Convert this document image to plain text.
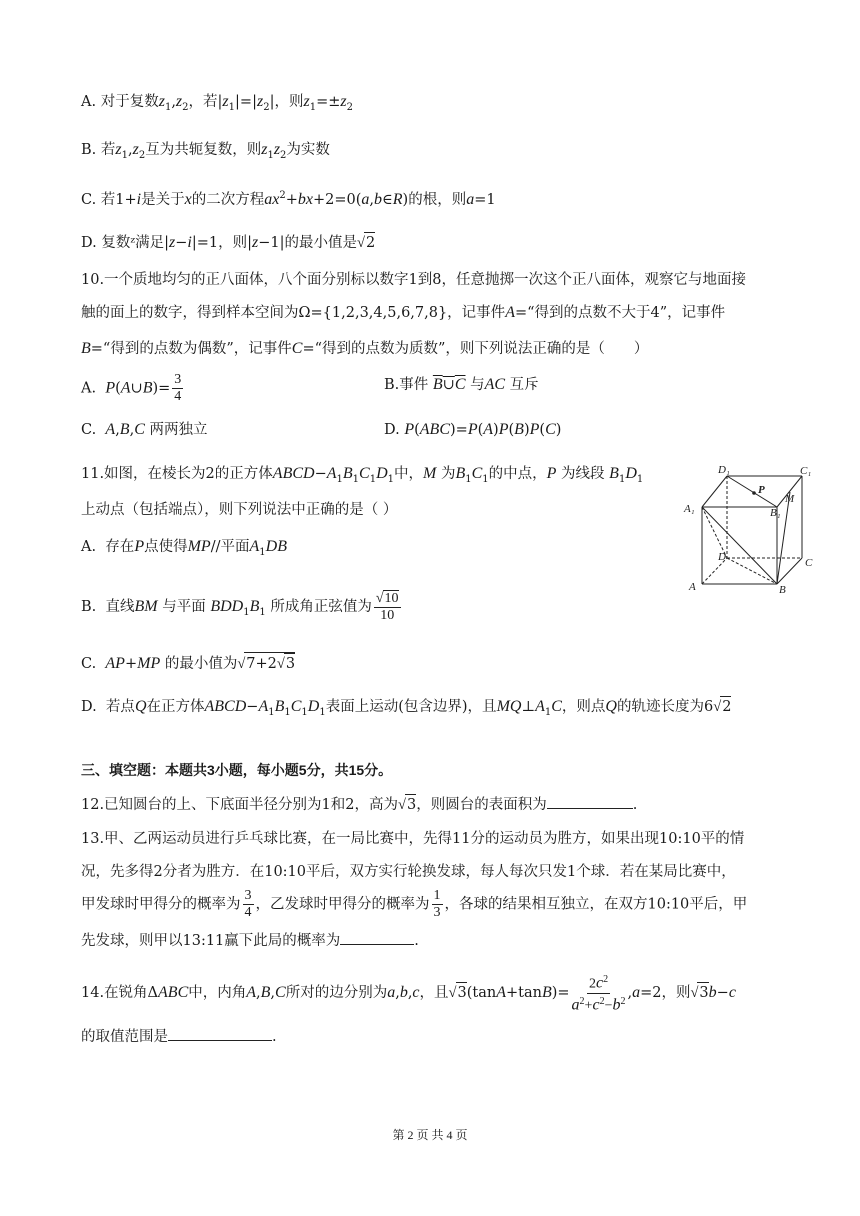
A. 对于复数$z_1,z_2$，若$|z_1|=|z_2|$，则$z_1=\pm z_2$
B. 若$z_1,z_2$互为共轭复数，则$z_1z_2$为实数
C. 若1+i是关于x的二次方程$ax^2+bx+2=0(a,b\in R)$的根，则a=1
D. 复数ᶻ满足|z−i|=1，则|z−1|的最小值是√2
10.一个质地均匀的正八面体，八个面分别标以数字1到8，任意抛掷一次这个正八面体，观察它与地面接
触的面上的数字，得到样本空间为Ω={1,2,3,4,5,6,7,8}，记事件A=“得到的点数不大于4”，记事件
B=“得到的点数为偶数”，记事件C=“得到的点数为质数”，则下列说法正确的是（　　）
A.  P(A∪B)= $\frac{3}{4}$	B.事件 B∪C 与AC 互斥
C.  A,B,C 两两独立	D. P(ABC)=P(A)P(B)P(C)
11.如图，在棱长为2的正方体$ABCD-A_1B_1C_1D_1$中，M 为$B_1C_1$的中点，P 为线段 $B_1D_1$
上动点（包括端点），则下列说法中正确的是（ ）
A.  存在P点使得MP//平面$A_1DB$
B.  直线BM 与平面 $BDD_1B_1$ 所成角正弦值为 $\frac{√10}{10}$
C.  AP+MP 的最小值为√7+2√3
D.  若点Q在正方体$ABCD-A_1B_1C_1D_1$表面上运动(包含边界)，且$MQ\perp A_1C$，则点Q的轨迹长度为6√2
D₁	C₁
A₁	B₁
D	C
A	B
P
M
三、填空题：本题共3小题，每小题5分，共15分。
12.已知圆台的上、下底面半径分别为1和2，高为√3，则圆台的表面积为	.
13.甲、乙两运动员进行乒乓球比赛，在一局比赛中，先得11分的运动员为胜方，如果出现10:10平的情
况，先多得2分者为胜方．在10:10平后，双方实行轮换发球，每人每次只发1个球．若在某局比赛中，
甲发球时甲得分的概率为 $\frac{3}{4}$ ，乙发球时甲得分的概率为 $\frac{1}{3}$ ，各球的结果相互独立，在双方10:10平后，甲
先发球，则甲以13:11赢下此局的概率为	.
14.在锐角ΔABC中，内角A,B,C所对的边分别为a,b,c，且$√3(\tan A+\tan B)= \frac{2c^2}{a^2+c^2-b^2} ,a=2$，则√3b−c
的取值范围是	.
第 2 页 共 4 页
